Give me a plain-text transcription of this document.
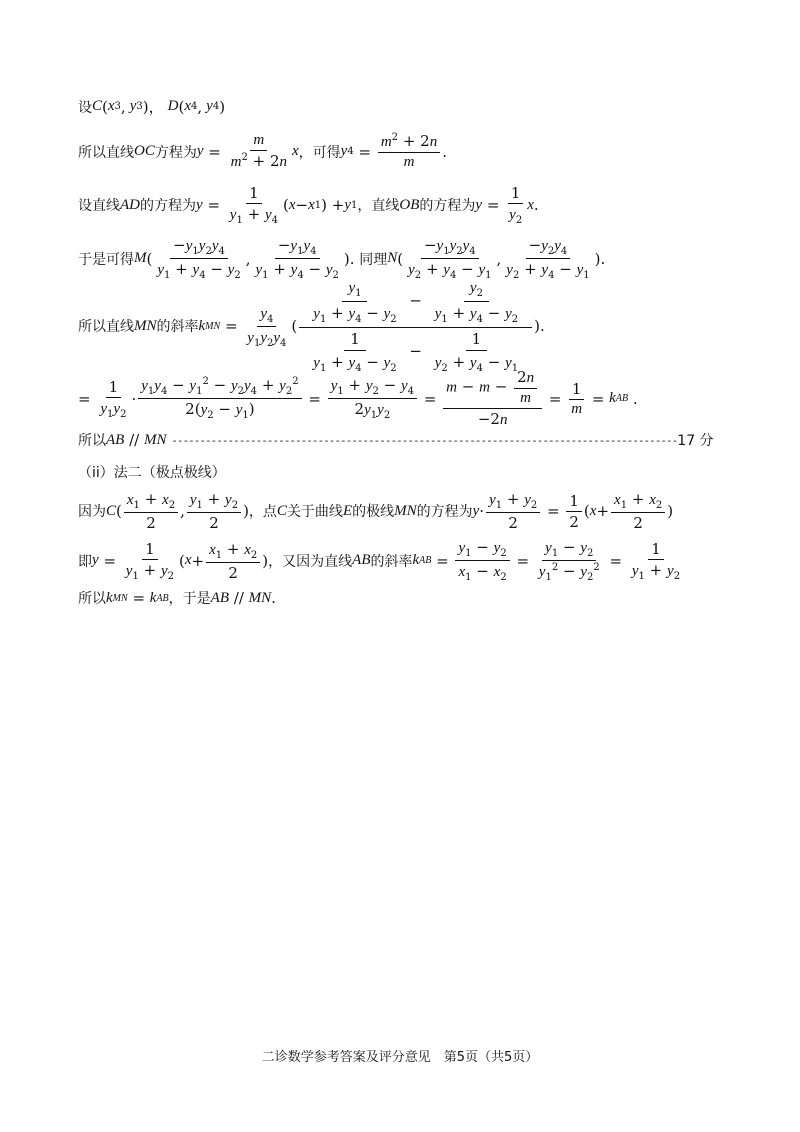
设 C ( x 3 , y 3 )， D ( x 4 , y 4 )
所以直线 OC 方程为 $y = \frac{m}{m^2 + 2n}$ x ，可得 y $4 = \frac{m^2 + 2n}{m}$ .
设直线 AD 的方程为 $y = \frac{1}{y_1 + y_4}$ ( x − x 1 ) + y 1 ，直线 OB 的方程为 $y = \frac{1}{y_2}$ x .
于是可得 M ( $\frac{-y_1y_2y_4}{y_1 + y_4 - y_2}$ , $\frac{-y_1y_4}{y_1 + y_4 - y_2}$ ). 同理 N ( $\frac{-y_1y_2y_4}{y_2 + y_4 - y_1}$ , $\frac{-y_2y_4}{y_2 + y_4 - y_1}$ ).
所以直线 MN 的斜率 k MN = $\frac{y_4}{y_1y_2y_4}$ ( $\frac{\frac{y_1}{y_1 + y_4 - y_2} - \frac{y_2}{y_1 + y_4 - y_2}}{\frac{1}{y_1 + y_4 - y_2} - \frac{1}{y_2 + y_4 - y_1}}$ ).
= $\frac{1}{y_1y_2} \cdot \frac{y_1y_4 - y_1^2 - y_2y_4 + y_2^2}{2(y_2 - y_1)} = \frac{y_1 + y_2 - y_4}{2y_1y_2} = \frac{m - m - \frac{2n}{m}}{-2n} = \frac{1}{m} = k$ AB .
所以 AB // MN
------------------------------------------------------------------------------------------ 17 分
（ii）法二（极点极线）
因为 C ( $\frac{x_1 + x_2}{2}$ , $\frac{y_1 + y_2}{2}$ ) ，点 C 关于曲线 E 的极线 MN 的方程为 $y \cdot \frac{y_1 + y_2}{2} = \frac{1}{2}$ ( $x + \frac{x_1 + x_2}{2}$ )
即 $y = \frac{1}{y_1 + y_2}$ ( $x + \frac{x_1 + x_2}{2}$ ) ，又因为直线 AB 的斜率 k AB = $\frac{y_1 - y_2}{x_1 - x_2} = \frac{y_1 - y_2}{y_1^2 - y_2^2} = \frac{1}{y_1 + y_2}$
所以 k MN = k AB ，于是 AB // MN .
二诊数学参考答案及评分意见　第5页（共5页）
